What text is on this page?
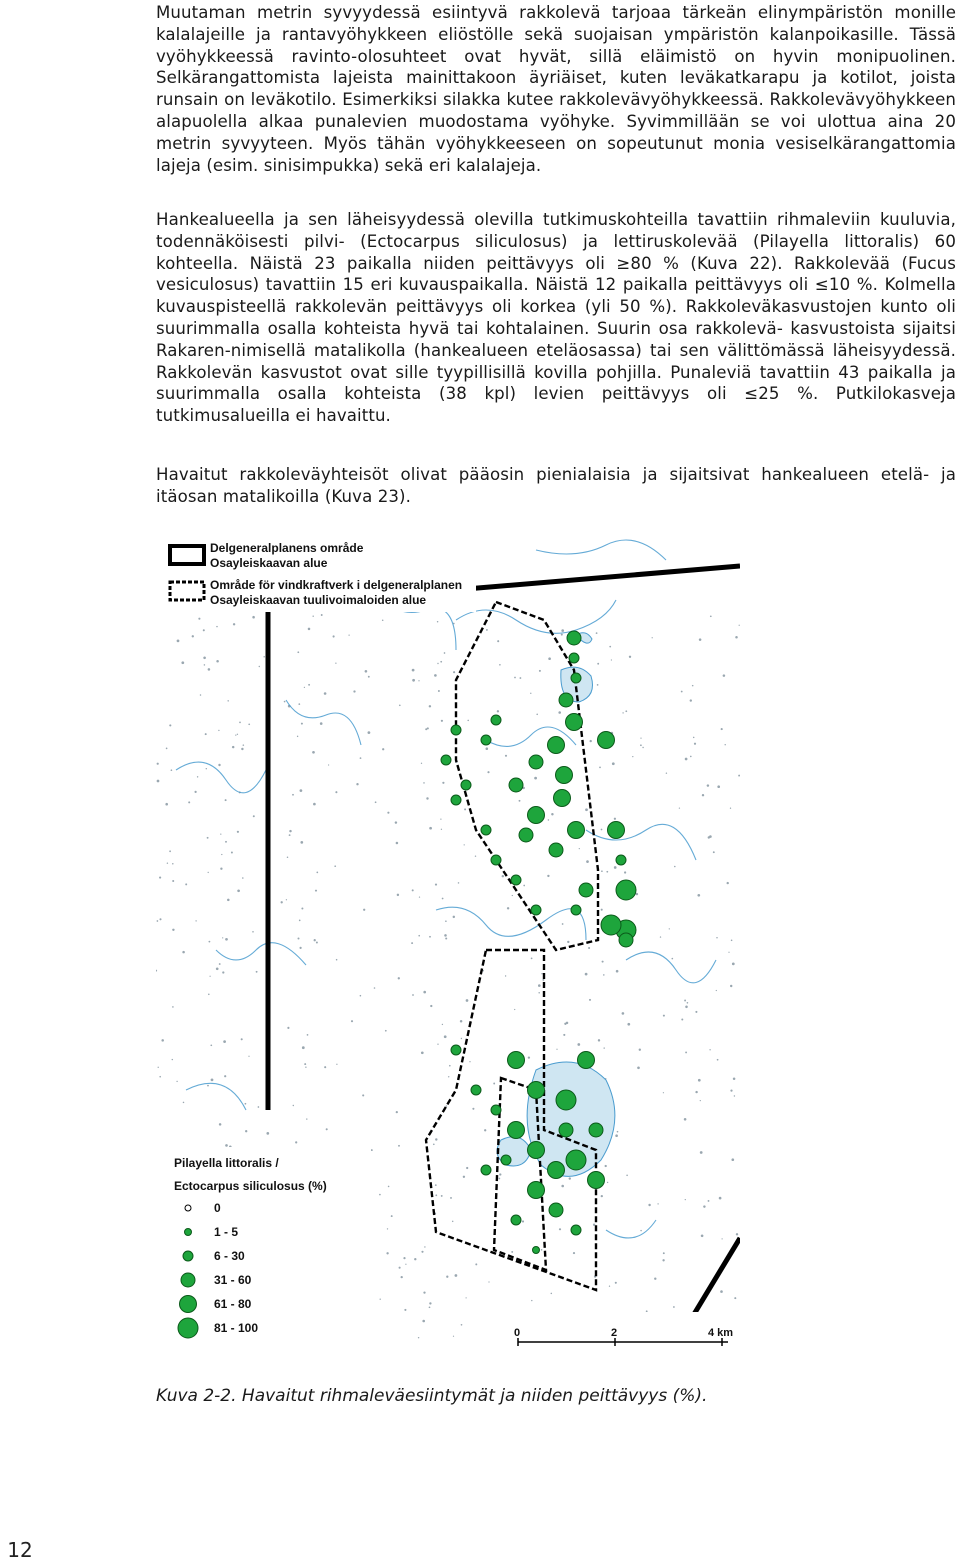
Muutaman metrin syvyydessä esiintyvä rakkolevä tarjoaa tärkeän elinympäristön monille kalalajeille ja rantavyöhykkeen eliöstölle sekä suojaisan ympäristön kalanpoikasille. Tässä vyöhykkeessä ravinto-olosuhteet ovat hyvät, sillä eläimistö on hyvin monipuolinen. Selkärangattomista lajeista mainittakoon äyriäiset, kuten leväkatkarapu ja kotilot, joista runsain on leväkotilo. Esimerkiksi silakka kutee rakkolevävyöhykkeessä. Rakkolevävyöhykkeen alapuolella alkaa punalevien muodostama vyöhyke. Syvimmillään se voi ulottua aina 20 metrin syvyyteen. Myös tähän vyöhykkeeseen on sopeutunut monia vesiselkärangattomia lajeja (esim. sinisimpukka) sekä eri kalalajeja.

Hankealueella ja sen läheisyydessä olevilla tutkimuskohteilla tavattiin rihmaleviin kuuluvia, todennäköisesti pilvi- (Ectocarpus siliculosus) ja lettiruskolevää (Pilayella littoralis) 60 kohteella. Näistä 23 paikalla niiden peittävyys oli ≥80 % (Kuva 22). Rakkolevää (Fucus vesiculosus) tavattiin 15 eri kuvauspaikalla. Näistä 12 paikalla peittävyys oli ≤10 %. Kolmella kuvauspisteellä rakkolevän peittävyys oli korkea (yli 50 %). Rakkoleväkasvustojen kunto oli suurimmalla osalla kohteista hyvä tai kohtalainen. Suurin osa rakkolevä- kasvustoista sijaitsi Rakaren-nimisellä matalikolla (hankealueen eteläosassa) tai sen välittömässä läheisyydessä. Rakkolevän kasvustot ovat sille tyypillisillä kovilla pohjilla. Punaleviä tavattiin 43 paikalla ja suurimmalla osalla kohteista (38 kpl) levien peittävyys oli ≤25 %. Putkilokasveja tutkimusalueilla ei havaittu.

Havaitut rakkoleväyhteisöt olivat pääosin pienialaisia ja sijaitsivat hankealueen etelä- ja itäosan matalikoilla (Kuva 23).

Delgeneralplanens område
Osayleiskaavan alue
Område för vindkraftverk i delgeneralplanen
Osayleiskaavan tuulivoimaloiden alue
Pilayella littoralis /
Ectocarpus siliculosus (%)
0
1 - 5
6 - 30
31 - 60
61 - 80
81 - 100	0	2	4 km

Kuva 2-2. Havaitut rihmaleväesiintymät ja niiden peittävyys (%).

12
